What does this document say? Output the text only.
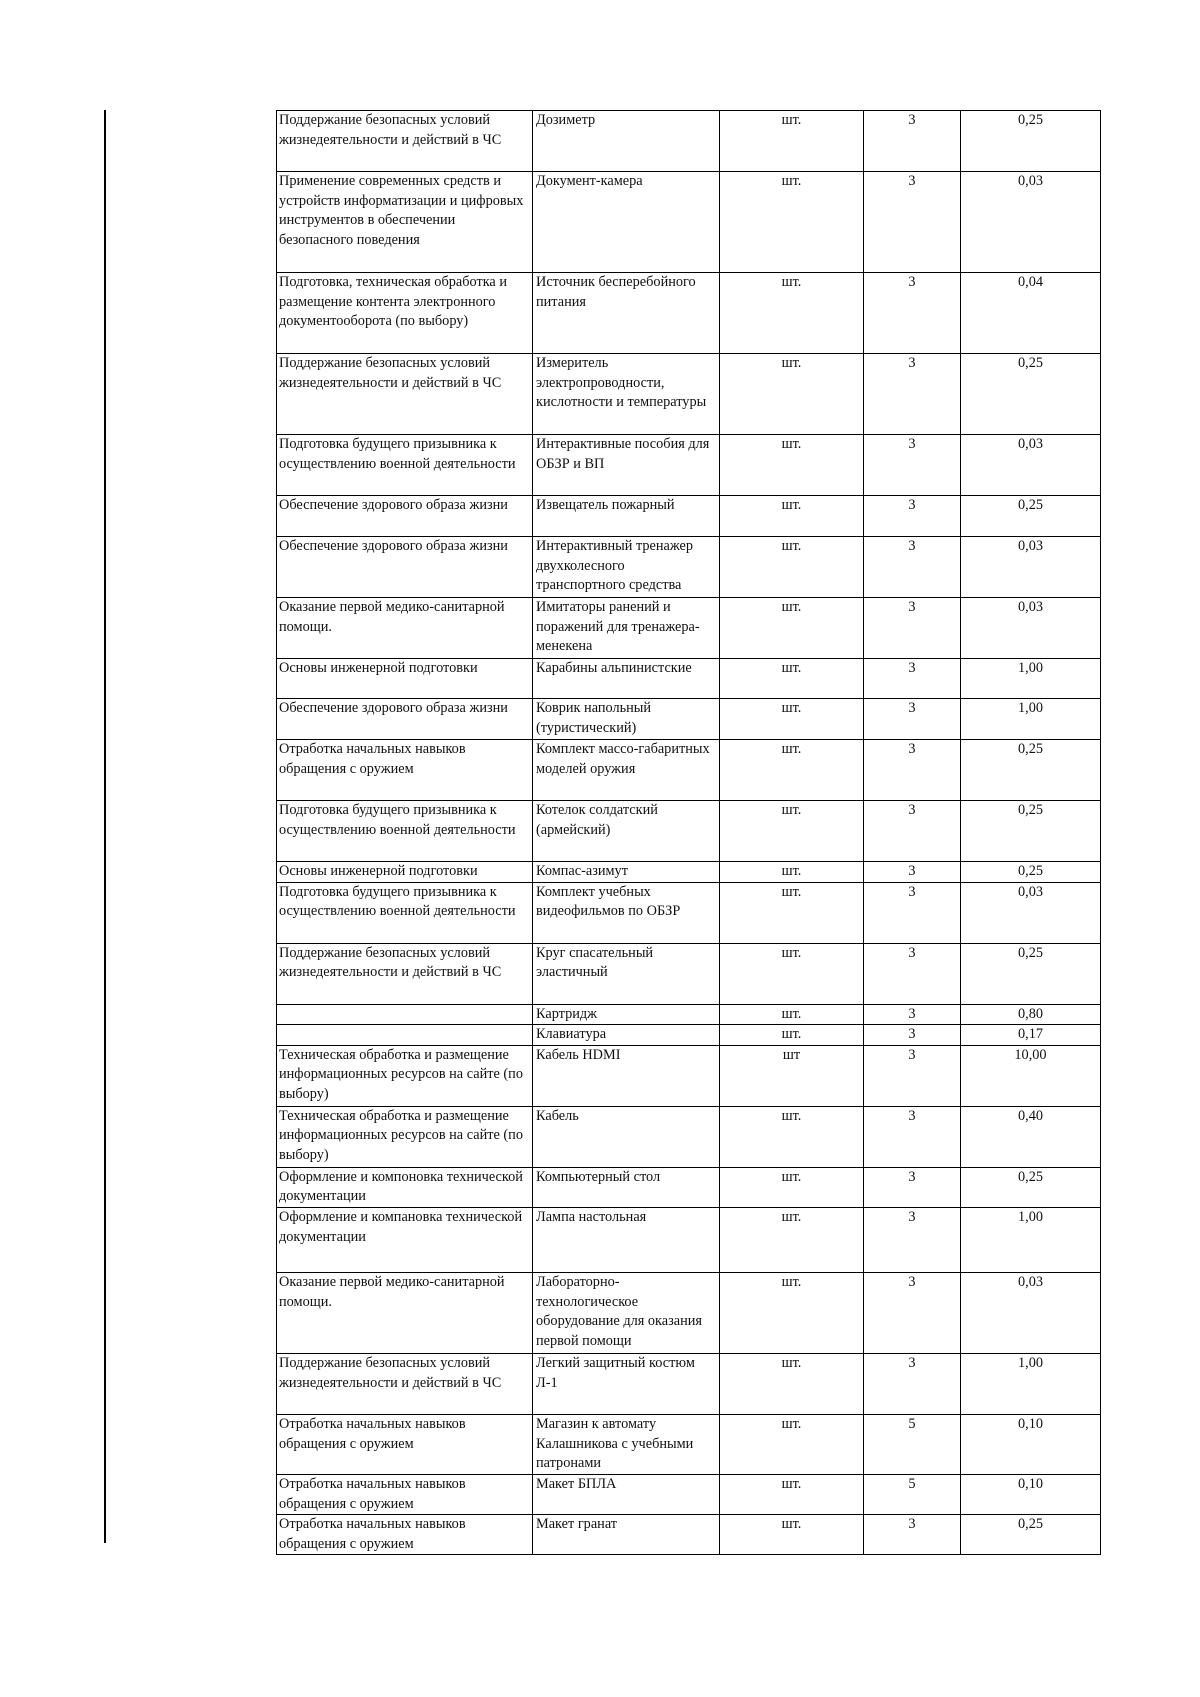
Поддержание безопасных условий жизнедеятельности и действий в ЧС	Дозиметр	шт.	3	0,25
Применение современных средств и устройств информатизации и цифровых инструментов в обеспечении безопасного поведения	Документ-камера	шт.	3	0,03
Подготовка, техническая обработка и размещение контента электронного документооборота (по выбору)	Источник бесперебойного питания	шт.	3	0,04
Поддержание безопасных условий жизнедеятельности и действий в ЧС	Измеритель электропроводности, кислотности и температуры	шт.	3	0,25
Подготовка будущего призывника к осуществлению военной деятельности	Интерактивные пособия для ОБЗР и ВП	шт.	3	0,03
Обеспечение здорового образа жизни	Извещатель пожарный	шт.	3	0,25
Обеспечение здорового образа жизни	Интерактивный тренажер двухколесного транспортного средства	шт.	3	0,03
Оказание первой медико-санитарной помощи.	Имитаторы ранений и поражений для тренажера-менекена	шт.	3	0,03
Основы инженерной подготовки	Карабины альпинистские	шт.	3	1,00
Обеспечение здорового образа жизни	Коврик напольный (туристический)	шт.	3	1,00
Отработка начальных навыков обращения с оружием	Комплект массо-габаритных моделей оружия	шт.	3	0,25
Подготовка будущего призывника к осуществлению военной деятельности	Котелок солдатский (армейский)	шт.	3	0,25
Основы инженерной подготовки	Компас-азимут	шт.	3	0,25
Подготовка будущего призывника к осуществлению военной деятельности	Комплект учебных видеофильмов по ОБЗР	шт.	3	0,03
Поддержание безопасных условий жизнедеятельности и действий в ЧС	Круг спасательный эластичный	шт.	3	0,25
	Картридж	шт.	3	0,80
	Клавиатура	шт.	3	0,17
Техническая обработка и размещение информационных ресурсов на сайте (по выбору)	Кабель HDMI	шт	3	10,00
Техническая обработка и размещение информационных ресурсов на сайте (по выбору)	Кабель	шт.	3	0,40
Оформление и компоновка технической документации	Компьютерный стол	шт.	3	0,25
Оформление и компановка технической документации	Лампа настольная	шт.	3	1,00
Оказание первой медико-санитарной помощи.	Лабораторно-технологическое оборудование для оказания первой помощи	шт.	3	0,03
Поддержание безопасных условий жизнедеятельности и действий в ЧС	Легкий защитный костюм Л-1	шт.	3	1,00
Отработка начальных навыков обращения с оружием	Магазин к автомату Калашникова с учебными патронами	шт.	5	0,10
Отработка начальных навыков обращения с оружием	Макет БПЛА	шт.	5	0,10
Отработка начальных навыков обращения с оружием	Макет гранат	шт.	3	0,25
